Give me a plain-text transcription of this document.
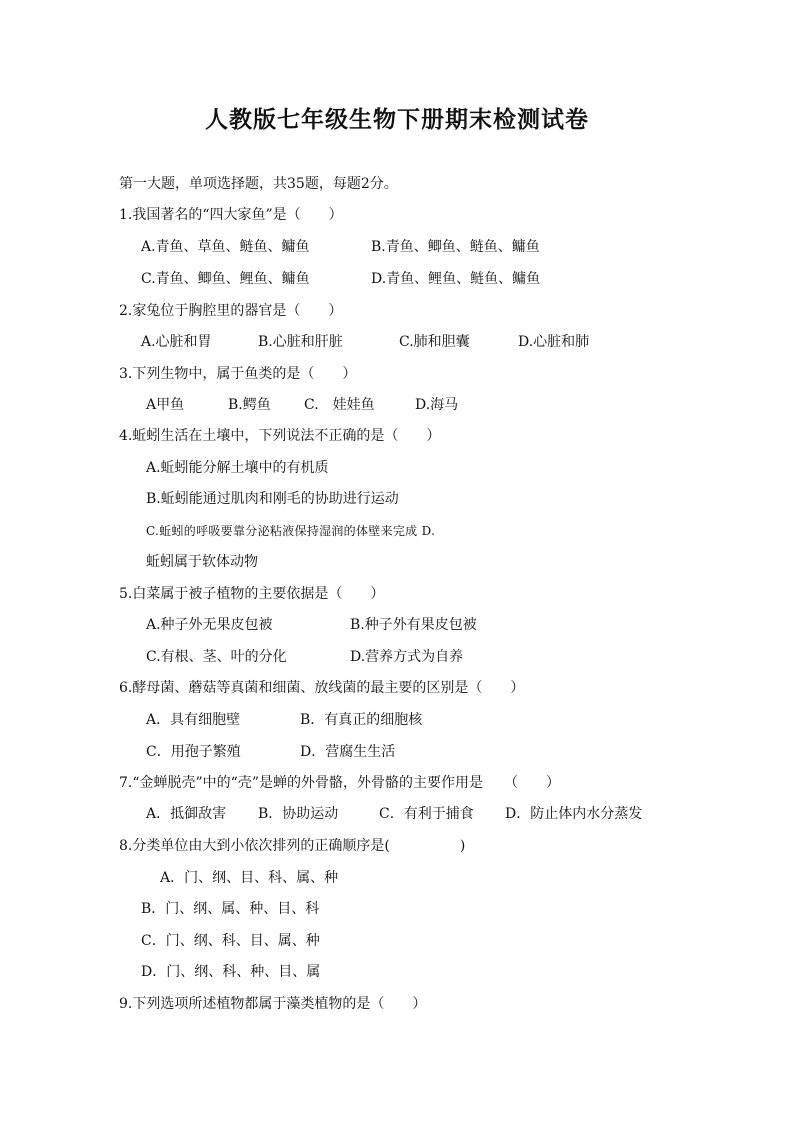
人教版七年级生物下册期末检测试卷
第一大题，单项选择题，共35题，每题2分。
1.我国著名的“四大家鱼”是（　　）
A.青鱼、草鱼、鲢鱼、鳙鱼	B.青鱼、鲫鱼、鲢鱼、鳙鱼
C.青鱼、鲫鱼、鲤鱼、鳙鱼	D.青鱼、鲤鱼、鲢鱼、鳙鱼
2.家兔位于胸腔里的器官是（　　）
A.心脏和胃	B.心脏和肝脏	C.肺和胆囊	D.心脏和肺
3.下列生物中，属于鱼类的是（　　）
A甲鱼	B.鳄鱼 C.　娃娃鱼	D.海马
4.蚯蚓生活在土壤中，下列说法不正确的是（　　）
A.蚯蚓能分解土壤中的有机质
B.蚯蚓能通过肌肉和刚毛的协助进行运动
C.蚯蚓的呼吸要靠分泌粘液保持湿润的体壁来完成 D.
蚯蚓属于软体动物
5.白菜属于被子植物的主要依据是（　　）
A.种子外无果皮包被	B.种子外有果皮包被
C.有根、茎、叶的分化	D.营养方式为自养
6.酵母菌、蘑菇等真菌和细菌、放线菌的最主要的区别是（　　）
A．具有细胞壁	B．有真正的细胞核
C．用孢子繁殖	D．营腐生生活
7.“金蝉脱壳”中的“壳”是蝉的外骨骼，外骨骼的主要作用是　　（　　）
A．抵御敌害 B．协助运动	C．有利于捕食 D．防止体内水分蒸发
8.分类单位由大到小依次排列的正确顺序是(　　　　　)
A．门、纲、目、科、属、种
B．门、纲、属、种、目、科
C．门、纲、科、目、属、种
D．门、纲、科、种、目、属
9.下列选项所述植物都属于藻类植物的是（　　）
